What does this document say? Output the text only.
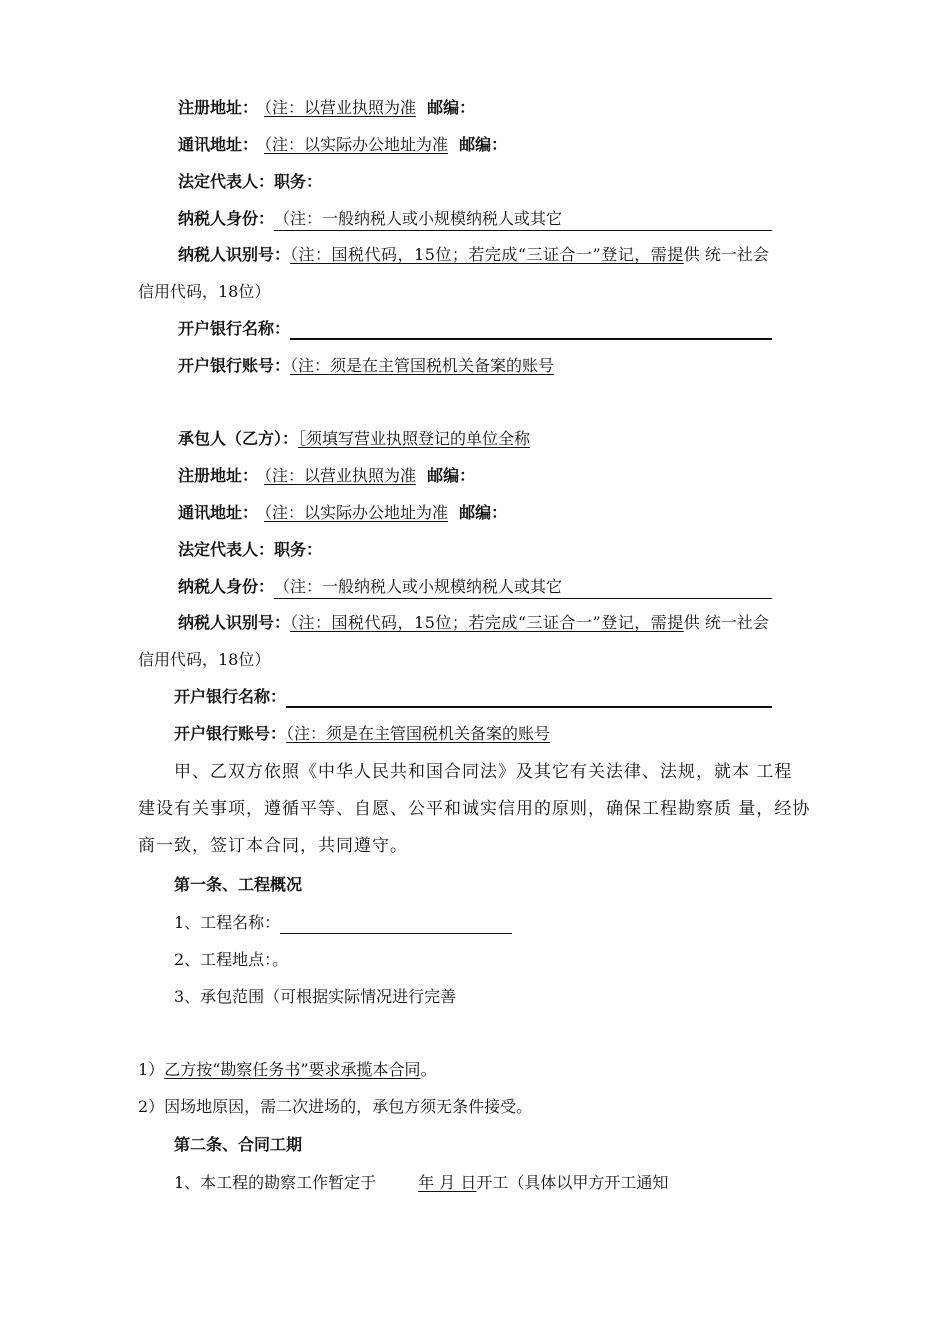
注册地址： （注：以营业执照为准 邮编：
通讯地址： （注：以实际办公地址为准 邮编：
法定代表人：职务：
纳税人身份：（注：一般纳税人或小规模纳税人或其它
纳税人识别号：（注：国税代码，15位；若完成“三证合一”登记，需提供 统一社会
信用代码，18位）
开户银行名称：
开户银行账号：（注：须是在主管国税机关备案的账号
承包人（乙方）：［须填写营业执照登记的单位全称
注册地址： （注：以营业执照为准 邮编：
通讯地址： （注：以实际办公地址为准 邮编：
法定代表人：职务：
纳税人身份：（注：一般纳税人或小规模纳税人或其它
纳税人识别号：（注：国税代码，15位；若完成“三证合一”登记，需提供 统一社会
信用代码，18位）
开户银行名称：
开户银行账号：（注：须是在主管国税机关备案的账号
甲、乙双方依照《中华人民共和国合同法》及其它有关法律、法规，就本 工程
建设有关事项，遵循平等、自愿、公平和诚实信用的原则，确保工程勘察质 量，经协
商一致，签订本合同，共同遵守。
第一条、工程概况
1、工程名称：
2、工程地点：。
3、承包范围（可根据实际情况进行完善
1）乙方按“勘察任务书”要求承揽本合同。
2）因场地原因，需二次进场的，承包方须无条件接受。
第二条、合同工期
1、本工程的勘察工作暂定于	年 月 日开工（具体以甲方开工通知
